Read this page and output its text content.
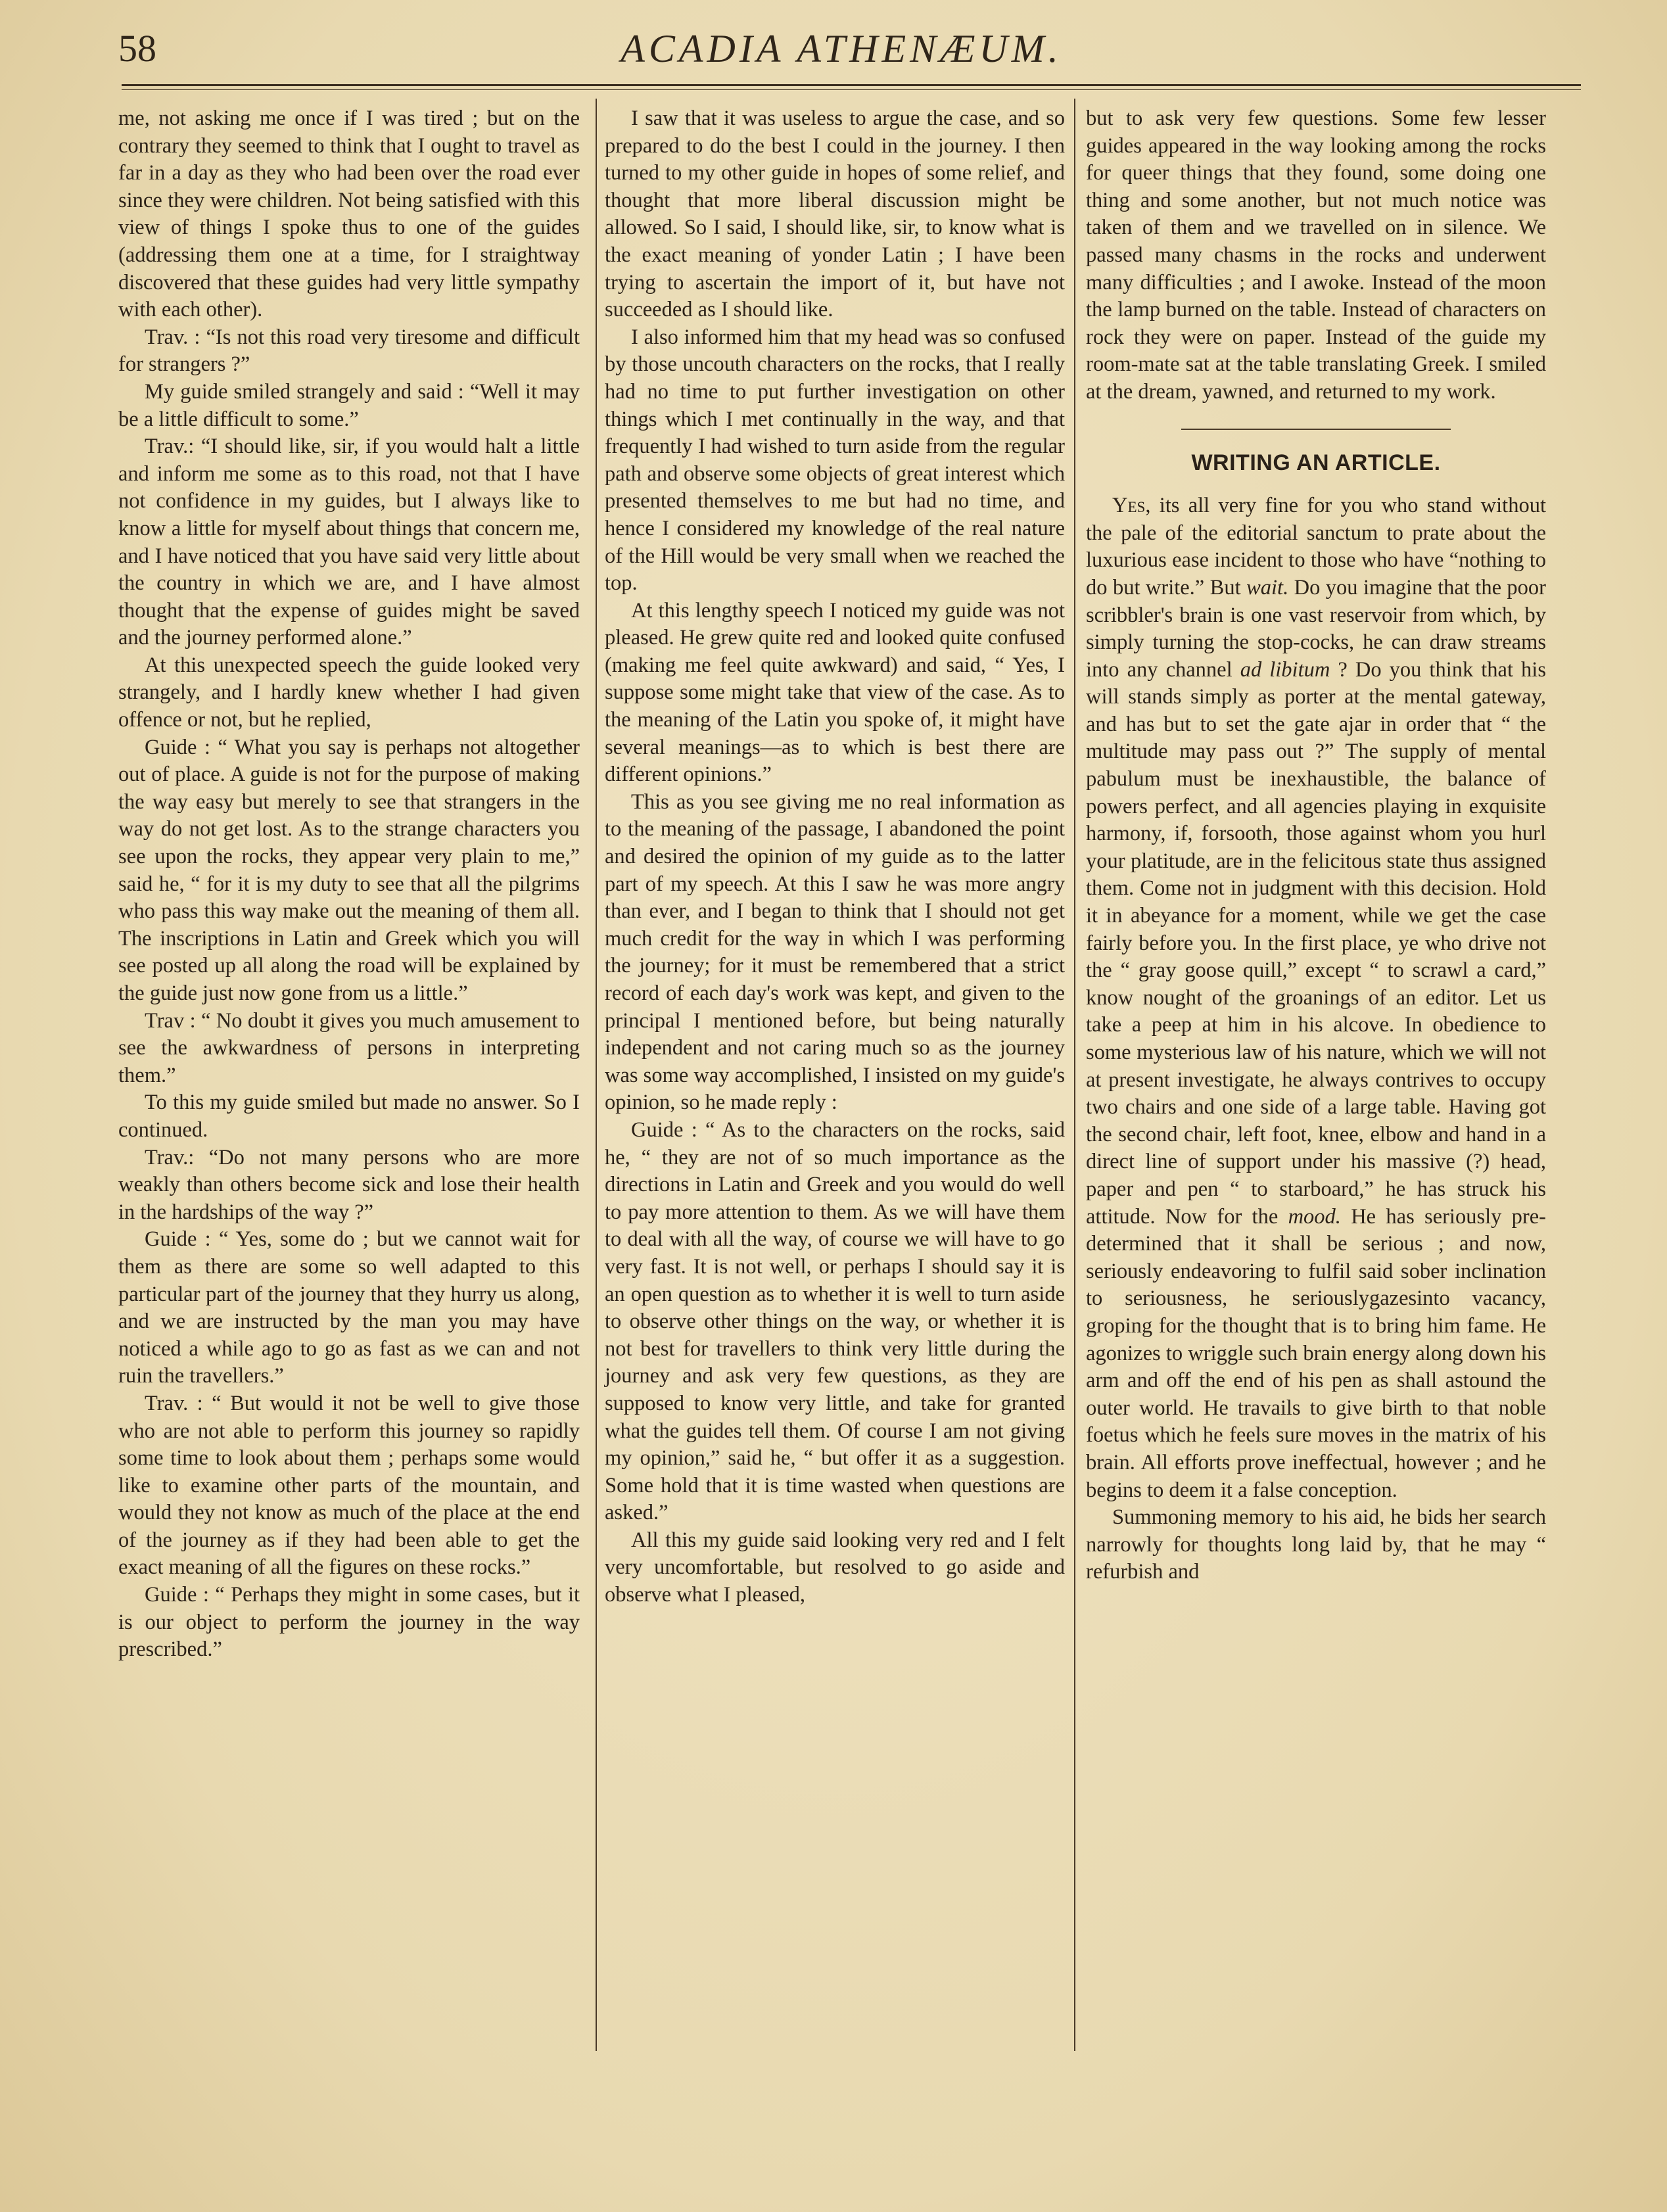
58	ACADIA ATHENÆUM.

me, not asking me once if I was tired ; but on the contrary they seemed to think that I ought to travel as far in a day as they who had been over the road ever since they were children. Not being satisfied with this view of things I spoke thus to one of the guides (addressing them one at a time, for I straightway discovered that these guides had very little sympathy with each other).

Trav. : “Is not this road very tiresome and difficult for strangers ?”

My guide smiled strangely and said : “Well it may be a little difficult to some.”

Trav.: “I should like, sir, if you would halt a little and inform me some as to this road, not that I have not confidence in my guides, but I always like to know a little for myself about things that concern me, and I have noticed that you have said very little about the country in which we are, and I have almost thought that the expense of guides might be saved and the journey performed alone.”

At this unexpected speech the guide looked very strangely, and I hardly knew whether I had given offence or not, but he replied,

Guide : “ What you say is perhaps not altogether out of place. A guide is not for the purpose of making the way easy but merely to see that strangers in the way do not get lost. As to the strange characters you see upon the rocks, they appear very plain to me,” said he, “ for it is my duty to see that all the pilgrims who pass this way make out the meaning of them all. The inscriptions in Latin and Greek which you will see posted up all along the road will be explained by the guide just now gone from us a little.”

Trav : “ No doubt it gives you much amusement to see the awkwardness of persons in interpreting them.”

To this my guide smiled but made no answer. So I continued.

Trav.: “Do not many persons who are more weakly than others become sick and lose their health in the hardships of the way ?”

Guide : “ Yes, some do ; but we cannot wait for them as there are some so well adapted to this particular part of the journey that they hurry us along, and we are instructed by the man you may have noticed a while ago to go as fast as we can and not ruin the travellers.”

Trav. : “ But would it not be well to give those who are not able to perform this journey so rapidly some time to look about them ; perhaps some would like to examine other parts of the mountain, and would they not know as much of the place at the end of the journey as if they had been able to get the exact meaning of all the figures on these rocks.”

Guide : “ Perhaps they might in some cases, but it is our object to perform the journey in the way prescribed.”

I saw that it was useless to argue the case, and so prepared to do the best I could in the journey. I then turned to my other guide in hopes of some relief, and thought that more liberal discussion might be allowed. So I said, I should like, sir, to know what is the exact meaning of yonder Latin ; I have been trying to ascertain the import of it, but have not succeeded as I should like.

I also informed him that my head was so confused by those uncouth characters on the rocks, that I really had no time to put further investigation on other things which I met continually in the way, and that frequently I had wished to turn aside from the regular path and observe some objects of great interest which presented themselves to me but had no time, and hence I considered my knowledge of the real nature of the Hill would be very small when we reached the top.

At this lengthy speech I noticed my guide was not pleased. He grew quite red and looked quite confused (making me feel quite awkward) and said, “ Yes, I suppose some might take that view of the case. As to the meaning of the Latin you spoke of, it might have several meanings—as to which is best there are different opinions.”

This as you see giving me no real information as to the meaning of the passage, I abandoned the point and desired the opinion of my guide as to the latter part of my speech. At this I saw he was more angry than ever, and I began to think that I should not get much credit for the way in which I was performing the journey; for it must be remembered that a strict record of each day's work was kept, and given to the principal I mentioned before, but being naturally independent and not caring much so as the journey was some way accomplished, I insisted on my guide's opinion, so he made reply :

Guide : “ As to the characters on the rocks, said he, “ they are not of so much importance as the directions in Latin and Greek and you would do well to pay more attention to them. As we will have them to deal with all the way, of course we will have to go very fast. It is not well, or perhaps I should say it is an open question as to whether it is well to turn aside to observe other things on the way, or whether it is not best for travellers to think very little during the journey and ask very few questions, as they are supposed to know very little, and take for granted what the guides tell them. Of course I am not giving my opinion,” said he, “ but offer it as a suggestion. Some hold that it is time wasted when questions are asked.”

All this my guide said looking very red and I felt very uncomfortable, but resolved to go aside and observe what I pleased,

but to ask very few questions. Some few lesser guides appeared in the way looking among the rocks for queer things that they found, some doing one thing and some another, but not much notice was taken of them and we travelled on in silence. We passed many chasms in the rocks and underwent many difficulties ; and I awoke. Instead of the moon the lamp burned on the table. Instead of characters on rock they were on paper. Instead of the guide my room-mate sat at the table translating Greek. I smiled at the dream, yawned, and returned to my work.

WRITING AN ARTICLE.

Yes, its all very fine for you who stand without the pale of the editorial sanctum to prate about the luxurious ease incident to those who have “nothing to do but write.” But wait. Do you imagine that the poor scribbler's brain is one vast reservoir from which, by simply turning the stop-cocks, he can draw streams into any channel ad libitum ? Do you think that his will stands simply as porter at the mental gateway, and has but to set the gate ajar in order that “ the multitude may pass out ?” The supply of mental pabulum must be inexhaustible, the balance of powers perfect, and all agencies playing in exquisite harmony, if, forsooth, those against whom you hurl your platitude, are in the felicitous state thus assigned them. Come not in judgment with this decision. Hold it in abeyance for a moment, while we get the case fairly before you. In the first place, ye who drive not the “ gray goose quill,” except “ to scrawl a card,” know nought of the groanings of an editor. Let us take a peep at him in his alcove. In obedience to some mysterious law of his nature, which we will not at present investigate, he always contrives to occupy two chairs and one side of a large table. Having got the second chair, left foot, knee, elbow and hand in a direct line of support under his massive (?) head, paper and pen “ to starboard,” he has struck his attitude. Now for the mood. He has seriously pre-determined that it shall be serious ; and now, seriously endeavoring to fulfil said sober inclination to seriousness, he seriouslygazesinto vacancy, groping for the thought that is to bring him fame. He agonizes to wriggle such brain energy along down his arm and off the end of his pen as shall astound the outer world. He travails to give birth to that noble foetus which he feels sure moves in the matrix of his brain. All efforts prove ineffectual, however ; and he begins to deem it a false conception.

Summoning memory to his aid, he bids her search narrowly for thoughts long laid by, that he may “ refurbish and
